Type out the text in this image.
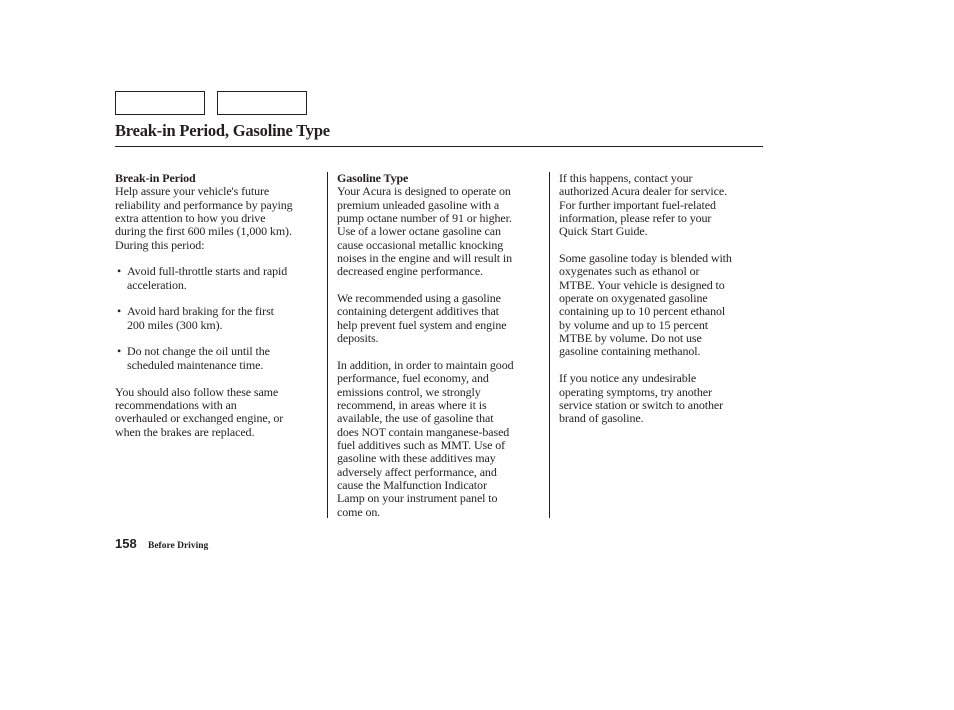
Break-in Period, Gasoline Type

Break-in Period

Help assure your vehicle's future
reliability and performance by paying
extra attention to how you drive
during the first 600 miles (1,000 km).
During this period:

• Avoid full-throttle starts and rapid
acceleration.
• Avoid hard braking for the first
200 miles (300 km).
• Do not change the oil until the
scheduled maintenance time.

You should also follow these same
recommendations with an
overhauled or exchanged engine, or
when the brakes are replaced.

Gasoline Type

Your Acura is designed to operate on
premium unleaded gasoline with a
pump octane number of 91 or higher.
Use of a lower octane gasoline can
cause occasional metallic knocking
noises in the engine and will result in
decreased engine performance.

We recommended using a gasoline
containing detergent additives that
help prevent fuel system and engine
deposits.

In addition, in order to maintain good
performance, fuel economy, and
emissions control, we strongly
recommend, in areas where it is
available, the use of gasoline that
does NOT contain manganese-based
fuel additives such as MMT. Use of
gasoline with these additives may
adversely affect performance, and
cause the Malfunction Indicator
Lamp on your instrument panel to
come on.

If this happens, contact your
authorized Acura dealer for service.
For further important fuel-related
information, please refer to your
Quick Start Guide.

Some gasoline today is blended with
oxygenates such as ethanol or
MTBE. Your vehicle is designed to
operate on oxygenated gasoline
containing up to 10 percent ethanol
by volume and up to 15 percent
MTBE by volume. Do not use
gasoline containing methanol.

If you notice any undesirable
operating symptoms, try another
service station or switch to another
brand of gasoline.

158 Before Driving
